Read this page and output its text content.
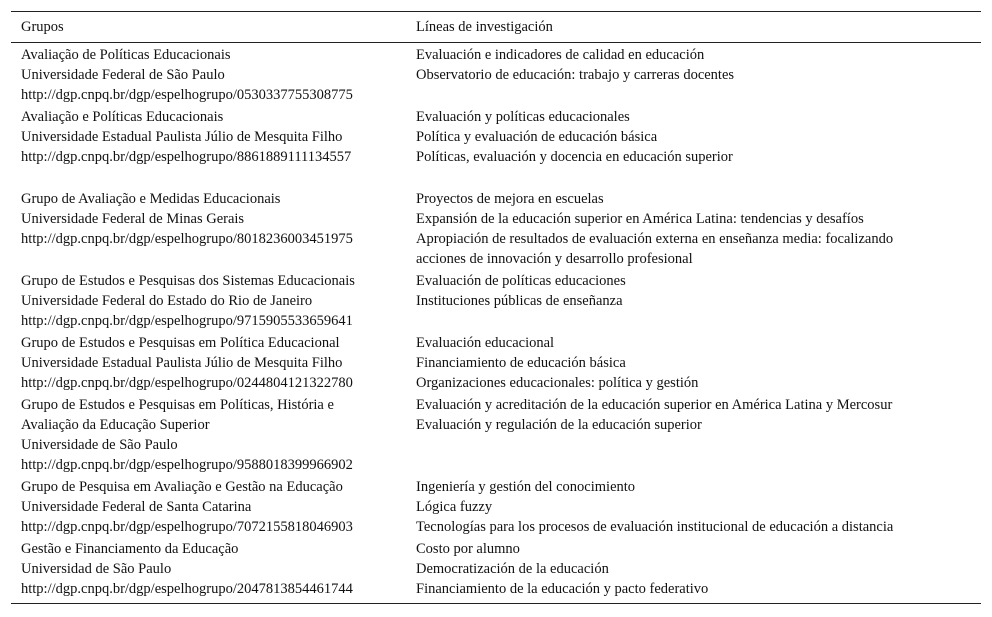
Grupos	Líneas de investigación
Avaliação de Políticas Educacionais
Universidade Federal de São Paulo
http://dgp.cnpq.br/dgp/espelhogrupo/0530337755308775
Evaluación e indicadores de calidad en educación
Observatorio de educación: trabajo y carreras docentes
Avaliação e Políticas Educacionais
Universidade Estadual Paulista Júlio de Mesquita Filho
http://dgp.cnpq.br/dgp/espelhogrupo/8861889111134557
Evaluación y políticas educacionales
Política y evaluación de educación básica
Políticas, evaluación y docencia en educación superior
Grupo de Avaliação e Medidas Educacionais
Universidade Federal de Minas Gerais
http://dgp.cnpq.br/dgp/espelhogrupo/8018236003451975
Proyectos de mejora en escuelas
Expansión de la educación superior en América Latina: tendencias y desafíos
Apropiación de resultados de evaluación externa en enseñanza media: focalizando
acciones de innovación y desarrollo profesional
Grupo de Estudos e Pesquisas dos Sistemas Educacionais
Universidade Federal do Estado do Rio de Janeiro
http://dgp.cnpq.br/dgp/espelhogrupo/9715905533659641
Evaluación de políticas educaciones
Instituciones públicas de enseñanza
Grupo de Estudos e Pesquisas em Política Educacional
Universidade Estadual Paulista Júlio de Mesquita Filho
http://dgp.cnpq.br/dgp/espelhogrupo/0244804121322780
Evaluación educacional
Financiamiento de educación básica
Organizaciones educacionales: política y gestión
Grupo de Estudos e Pesquisas em Políticas, História e
Avaliação da Educação Superior
Universidade de São Paulo
http://dgp.cnpq.br/dgp/espelhogrupo/9588018399966902
Evaluación y acreditación de la educación superior en América Latina y Mercosur
Evaluación y regulación de la educación superior
Grupo de Pesquisa em Avaliação e Gestão na Educação
Universidade Federal de Santa Catarina
http://dgp.cnpq.br/dgp/espelhogrupo/7072155818046903
Ingeniería y gestión del conocimiento
Lógica fuzzy
Tecnologías para los procesos de evaluación institucional de educación a distancia
Gestão e Financiamento da Educação
Universidad de São Paulo
http://dgp.cnpq.br/dgp/espelhogrupo/2047813854461744
Costo por alumno
Democratización de la educación
Financiamiento de la educación y pacto federativo
